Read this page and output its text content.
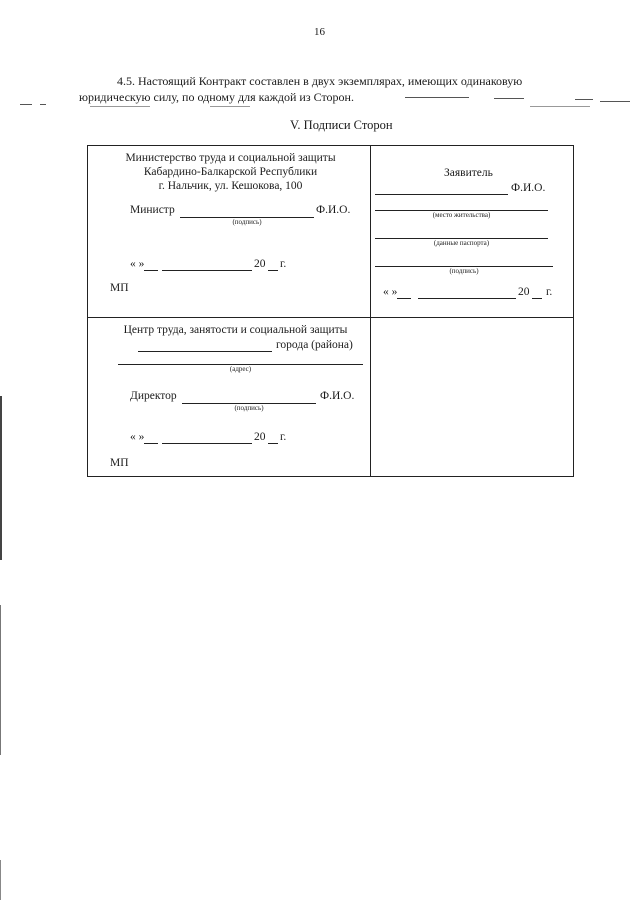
16
4.5. Настоящий Контракт составлен в двух экземплярах, имеющих одинаковую
юридическую силу, по одному для каждой из Сторон.
V. Подписи Сторон
Министерство труда и социальной защиты
Кабардино-Балкарской Республики
г. Нальчик, ул. Кешокова, 100
Министр
(подпись)
Ф.И.О.
« »	20 г.
МП
Заявитель
Ф.И.О.
(место жительства)
(данные паспорта)
(подпись)
« »	20 г.
Центр труда, занятости и социальной защиты
города (района)
(адрес)
Директор
(подпись)
Ф.И.О.
« »	20 г.
МП
